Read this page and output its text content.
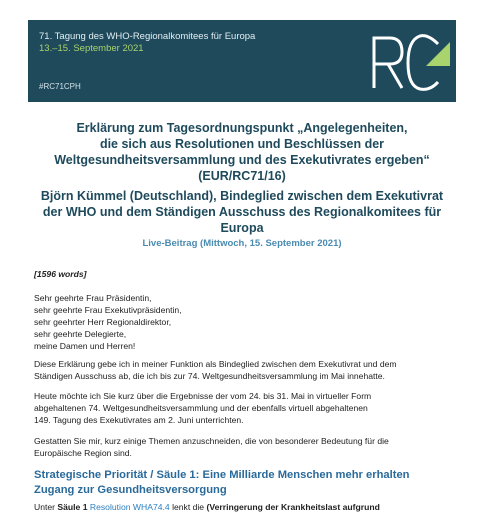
71. Tagung des WHO-Regionalkomitees für Europa
13.–15. September 2021
#RC71CPH
Erklärung zum Tagesordnungspunkt „Angelegenheiten,
die sich aus Resolutionen und Beschlüssen der
Weltgesundheitsversammlung und des Exekutivrates ergeben“
(EUR/RC71/16)
Björn Kümmel (Deutschland), Bindeglied zwischen dem Exekutivrat
der WHO und dem Ständigen Ausschuss des Regionalkomitees für
Europa
Live-Beitrag (Mittwoch, 15. September 2021)
[1596 words]
Sehr geehrte Frau Präsidentin,
sehr geehrte Frau Exekutivpräsidentin,
sehr geehrter Herr Regionaldirektor,
sehr geehrte Delegierte,
meine Damen und Herren!
Diese Erklärung gebe ich in meiner Funktion als Bindeglied zwischen dem Exekutivrat und dem
Ständigen Ausschuss ab, die ich bis zur 74. Weltgesundheitsversammlung im Mai innehatte.
Heute möchte ich Sie kurz über die Ergebnisse der vom 24. bis 31. Mai in virtueller Form
abgehaltenen 74. Weltgesundheitsversammlung und der ebenfalls virtuell abgehaltenen
149. Tagung des Exekutivrates am 2. Juni unterrichten.
Gestatten Sie mir, kurz einige Themen anzuschneiden, die von besonderer Bedeutung für die
Europäische Region sind.
Strategische Priorität / Säule 1: Eine Milliarde Menschen mehr erhalten
Zugang zur Gesundheitsversorgung
Unter Säule 1 Resolution WHA74.4 lenkt die (Verringerung der Krankheitslast aufgrund
